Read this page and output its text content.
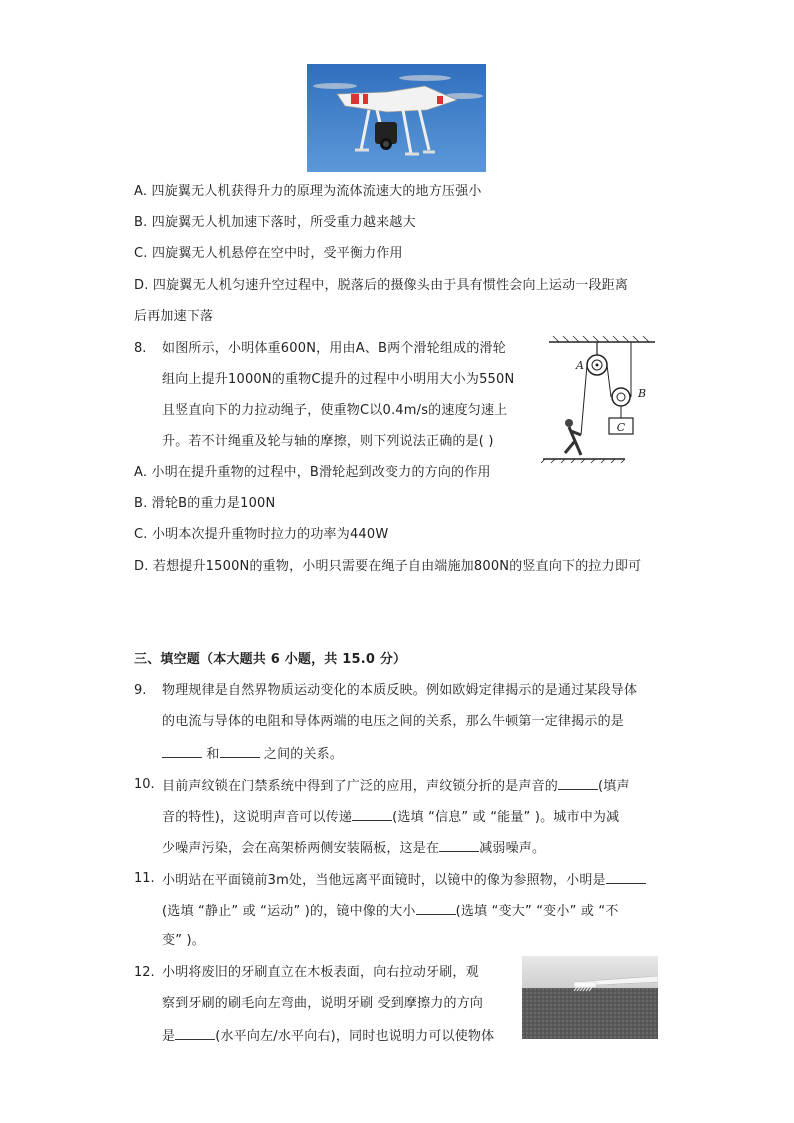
A. 四旋翼无人机获得升力的原理为流体流速大的地方压强小
B. 四旋翼无人机加速下落时，所受重力越来越大
C. 四旋翼无人机悬停在空中时，受平衡力作用
D. 四旋翼无人机匀速升空过程中，脱落后的摄像头由于具有惯性会向上运动一段距离
后再加速下落
8. 如图所示，小明体重600N，用由A、B两个滑轮组成的滑轮
组向上提升1000N的重物C提升的过程中小明用大小为550N
且竖直向下的力拉动绳子，使重物C以0.4m/s的速度匀速上
升。若不计绳重及轮与轴的摩擦，则下列说法正确的是( )
C
A
B
A. 小明在提升重物的过程中，B滑轮起到改变力的方向的作用
B. 滑轮B的重力是100N
C. 小明本次提升重物时拉力的功率为440W
D. 若想提升1500N的重物，小明只需要在绳子自由端施加800N的竖直向下的拉力即可
三、填空题（本大题共 6 小题，共 15.0 分）
9. 物理规律是自然界物质运动变化的本质反映。例如欧姆定律揭示的是通过某段导体
的电流与导体的电阻和导体两端的电压之间的关系，那么牛顿第一定律揭示的是
和	之间的关系。
10. 目前声纹锁在门禁系统中得到了广泛的应用，声纹锁分折的是声音的	(填声
音的特性)，这说明声音可以传递	(选填 “信息” 或 “能量” )。城市中为减
少噪声污染，会在高架桥两侧安装隔板，这是在	减弱噪声。
11. 小明站在平面镜前3m处，当他远离平面镜时，以镜中的像为参照物，小明是
(选填 “静止” 或 “运动” )的，镜中像的大小	(选填 “变大” “变小” 或 “不
变” )。
12. 小明将废旧的牙刷直立在木板表面，向右拉动牙刷，观
察到牙刷的刷毛向左弯曲，说明牙刷 受到摩擦力的方向
是	(水平向左/水平向右)，同时也说明力可以使物体
